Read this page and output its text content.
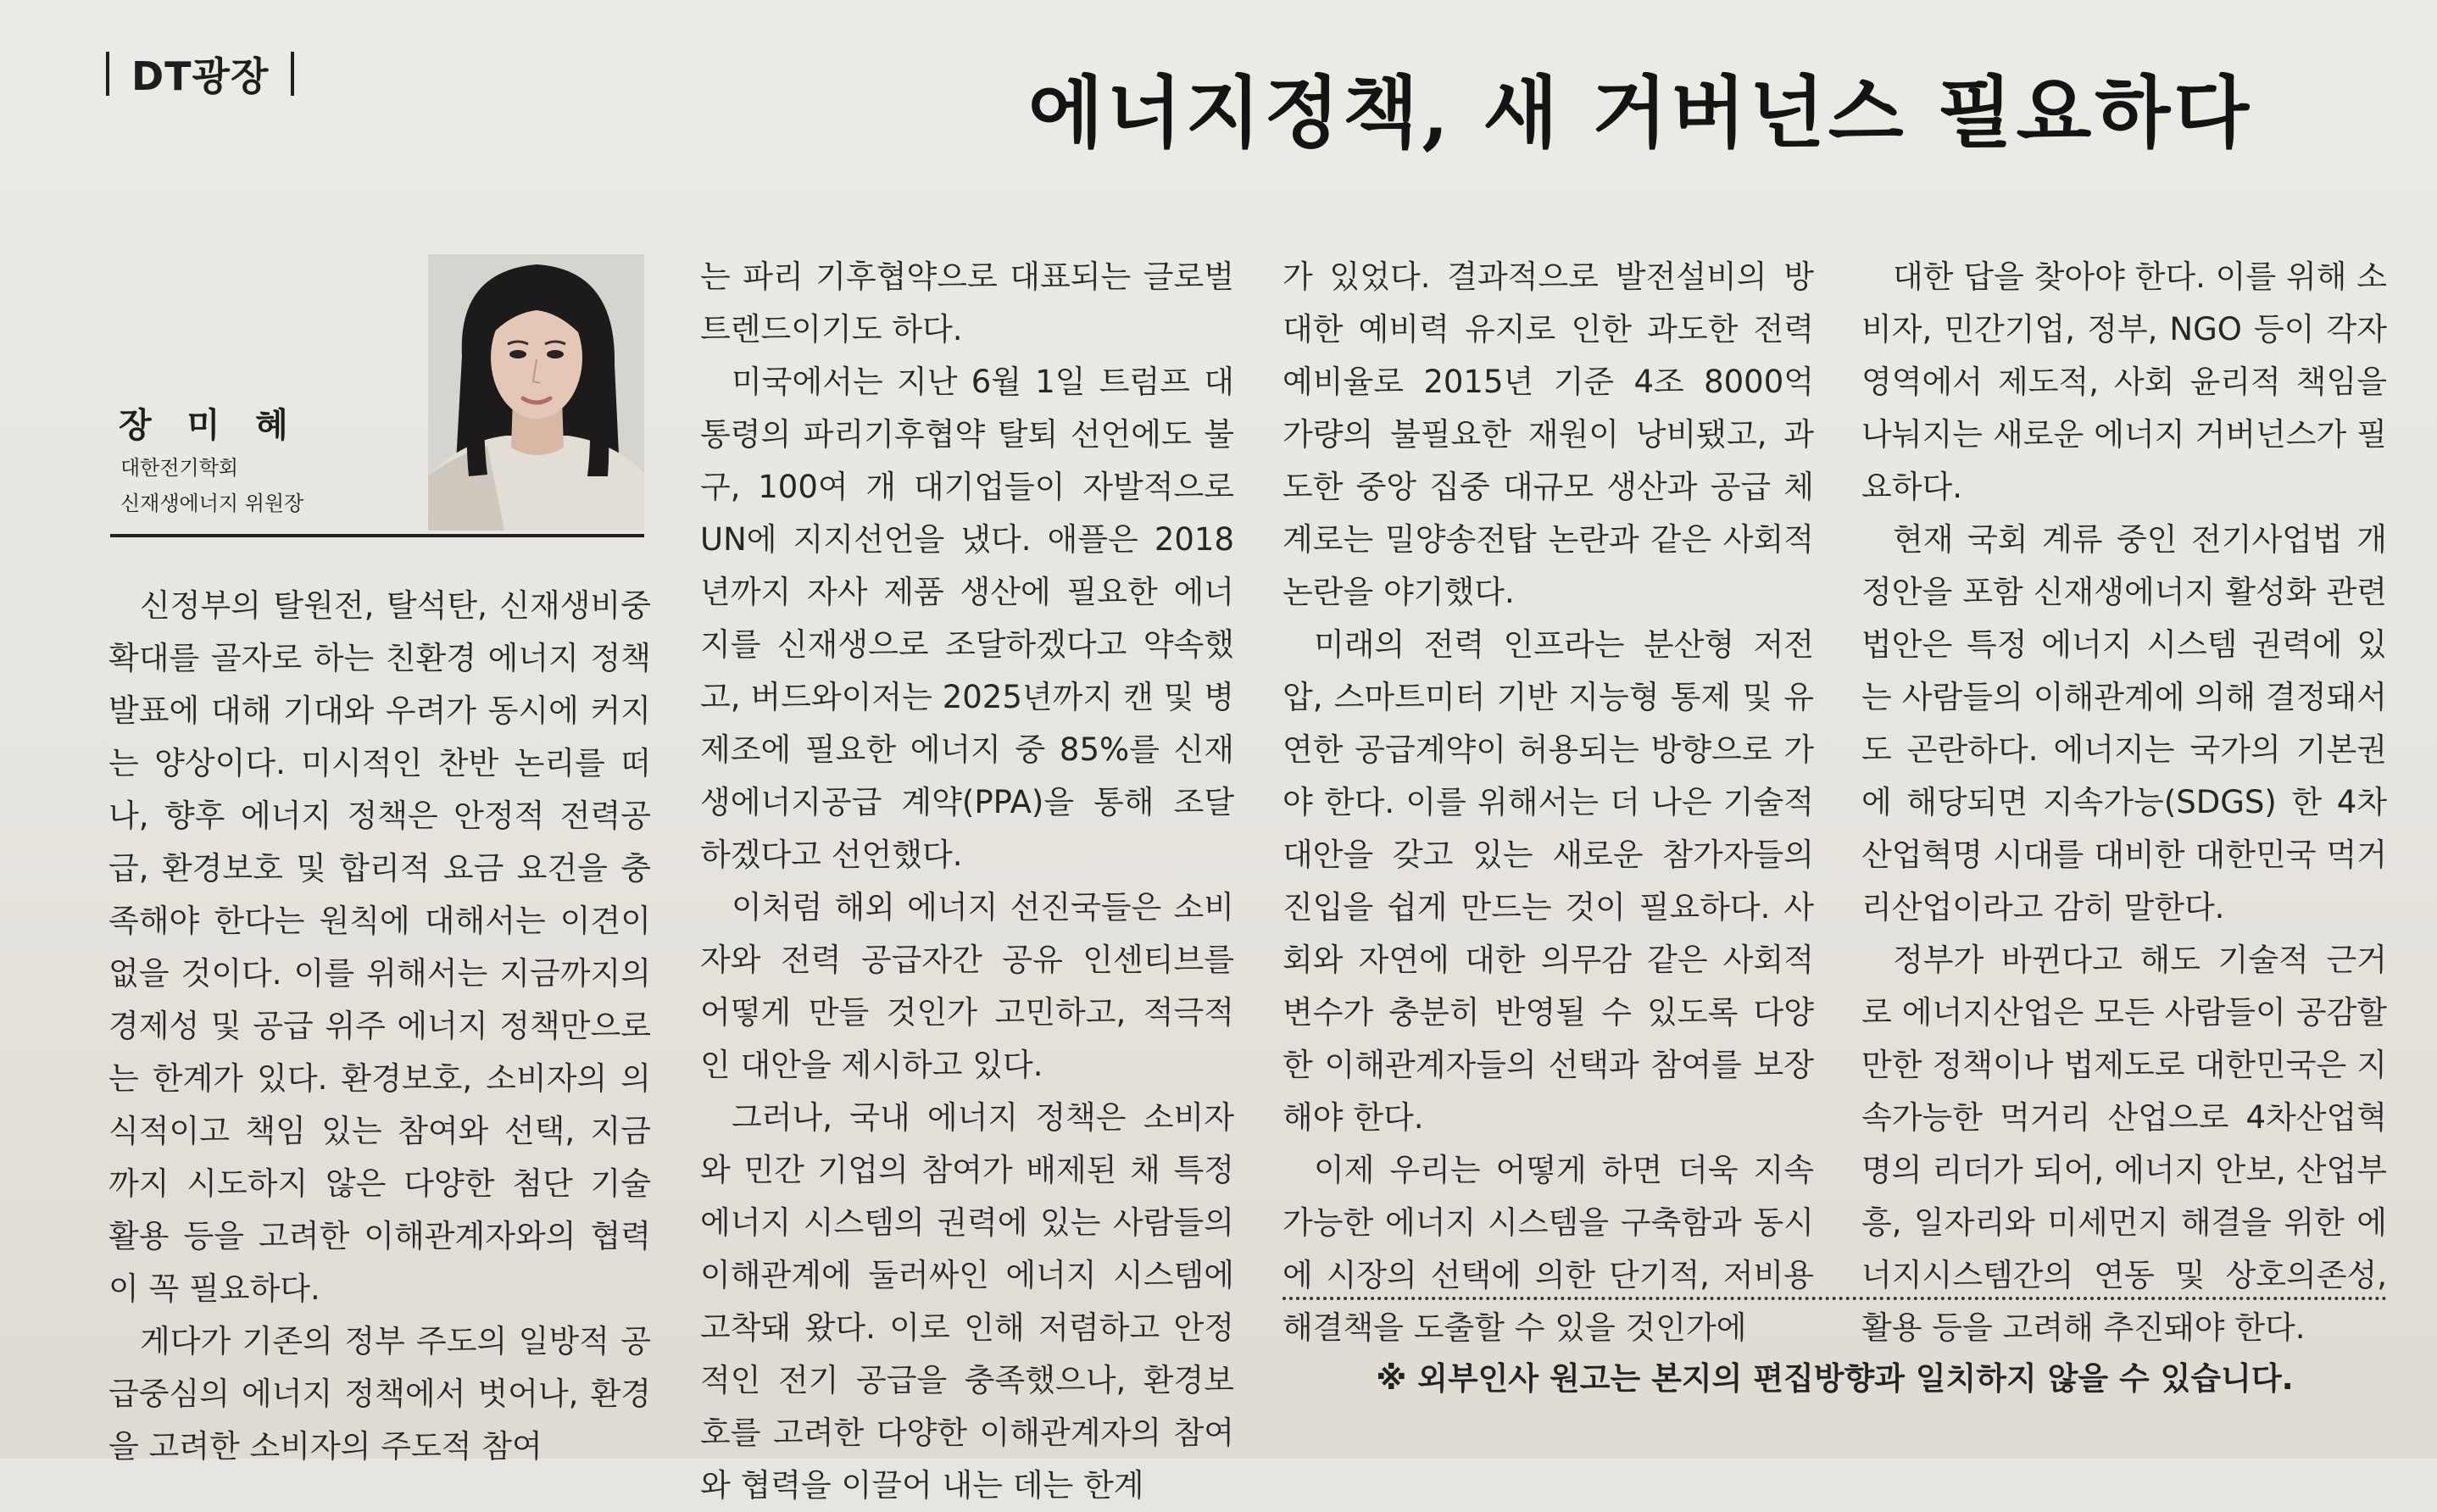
DT광장	에너지정책, 새 거버넌스 필요하다
장 미 혜
대한전기학회
신재생에너지 위원장

신정부의 탈원전, 탈석탄, 신재생비중 확대를 골자로 하는 친환경 에너지 정책발표에 대해 기대와 우려가 동시에 커지는 양상이다. 미시적인 찬반 논리를 떠나, 향후 에너지 정책은 안정적 전력공급, 환경보호 및 합리적 요금 요건을 충족해야 한다는 원칙에 대해서는 이견이 없을 것이다. 이를 위해서는 지금까지의 경제성 및 공급 위주 에너지 정책만으로는 한계가 있다. 환경보호, 소비자의 의식적이고 책임 있는 참여와 선택, 지금까지 시도하지 않은 다양한 첨단 기술 활용 등을 고려한 이해관계자와의 협력이 꼭 필요하다.

게다가 기존의 정부 주도의 일방적 공급중심의 에너지 정책에서 벗어나, 환경을 고려한 소비자의 주도적 참여

는 파리 기후협약으로 대표되는 글로벌 트렌드이기도 하다.

미국에서는 지난 6월 1일 트럼프 대통령의 파리기후협약 탈퇴 선언에도 불구, 100여 개 대기업들이 자발적으로 UN에 지지선언을 냈다. 애플은 2018년까지 자사 제품 생산에 필요한 에너지를 신재생으로 조달하겠다고 약속했고, 버드와이저는 2025년까지 캔 및 병 제조에 필요한 에너지 중 85%를 신재생에너지공급 계약(PPA)을 통해 조달하겠다고 선언했다.

이처럼 해외 에너지 선진국들은 소비자와 전력 공급자간 공유 인센티브를 어떻게 만들 것인가 고민하고, 적극적인 대안을 제시하고 있다.

그러나, 국내 에너지 정책은 소비자와 민간 기업의 참여가 배제된 채 특정 에너지 시스템의 권력에 있는 사람들의 이해관계에 둘러싸인 에너지 시스템에 고착돼 왔다. 이로 인해 저렴하고 안정적인 전기 공급을 충족했으나, 환경보호를 고려한 다양한 이해관계자의 참여와 협력을 이끌어 내는 데는 한계

가 있었다. 결과적으로 발전설비의 방대한 예비력 유지로 인한 과도한 전력 예비율로 2015년 기준 4조 8000억 가량의 불필요한 재원이 낭비됐고, 과도한 중앙 집중 대규모 생산과 공급 체계로는 밀양송전탑 논란과 같은 사회적 논란을 야기했다.

미래의 전력 인프라는 분산형 저전압, 스마트미터 기반 지능형 통제 및 유연한 공급계약이 허용되는 방향으로 가야 한다. 이를 위해서는 더 나은 기술적 대안을 갖고 있는 새로운 참가자들의 진입을 쉽게 만드는 것이 필요하다. 사회와 자연에 대한 의무감 같은 사회적 변수가 충분히 반영될 수 있도록 다양한 이해관계자들의 선택과 참여를 보장해야 한다.

이제 우리는 어떻게 하면 더욱 지속 가능한 에너지 시스템을 구축함과 동시에 시장의 선택에 의한 단기적, 저비용 해결책을 도출할 수 있을 것인가에

대한 답을 찾아야 한다. 이를 위해 소비자, 민간기업, 정부, NGO 등이 각자 영역에서 제도적, 사회 윤리적 책임을 나눠지는 새로운 에너지 거버넌스가 필요하다.

현재 국회 계류 중인 전기사업법 개정안을 포함 신재생에너지 활성화 관련 법안은 특정 에너지 시스템 권력에 있는 사람들의 이해관계에 의해 결정돼서도 곤란하다. 에너지는 국가의 기본권에 해당되면 지속가능(SDGS) 한 4차 산업혁명 시대를 대비한 대한민국 먹거리산업이라고 감히 말한다.

정부가 바뀐다고 해도 기술적 근거로 에너지산업은 모든 사람들이 공감할 만한 정책이나 법제도로 대한민국은 지속가능한 먹거리 산업으로 4차산업혁명의 리더가 되어, 에너지 안보, 산업부흥, 일자리와 미세먼지 해결을 위한 에너지시스템간의 연동 및 상호의존성, 활용 등을 고려해 추진돼야 한다.

※ 외부인사 원고는 본지의 편집방향과 일치하지 않을 수 있습니다.
